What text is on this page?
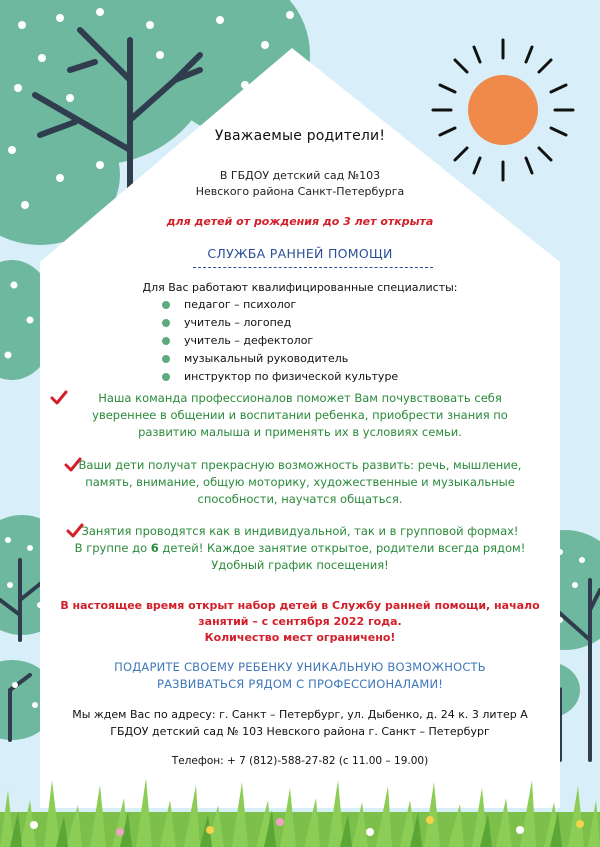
Уважаемые родители!
В ГБДОУ детский сад №103
Невского района Санкт-Петербурга
для детей от рождения до 3 лет открыта
СЛУЖБА РАННЕЙ ПОМОЩИ
Для Вас работают квалифицированные специалисты:
педагог – психолог
учитель – логопед
учитель – дефектолог
музыкальный руководитель
инструктор по физической культуре
Наша команда профессионалов поможет Вам почувствовать себя
увереннее в общении и воспитании ребенка, приобрести знания по
развитию малыша и применять их в условиях семьи.
Ваши дети получат прекрасную возможность развить: речь, мышление,
память, внимание, общую моторику, художественные и музыкальные
способности, научатся общаться.
Занятия проводятся как в индивидуальной, так и в групповой формах!
В группе до 6 детей! Каждое занятие открытое, родители всегда рядом!
Удобный график посещения!
В настоящее время открыт набор детей в Службу ранней помощи, начало
занятий – с сентября 2022 года.
Количество мест ограничено!
ПОДАРИТЕ СВОЕМУ РЕБЕНКУ УНИКАЛЬНУЮ ВОЗМОЖНОСТЬ
РАЗВИВАТЬСЯ РЯДОМ С ПРОФЕССИОНАЛАМИ!
Мы ждем Вас по адресу: г. Санкт – Петербург, ул. Дыбенко, д. 24 к. 3 литер А
ГБДОУ детский сад № 103 Невского района г. Санкт – Петербург
Телефон: + 7 (812)-588-27-82 (с 11.00 – 19.00)
